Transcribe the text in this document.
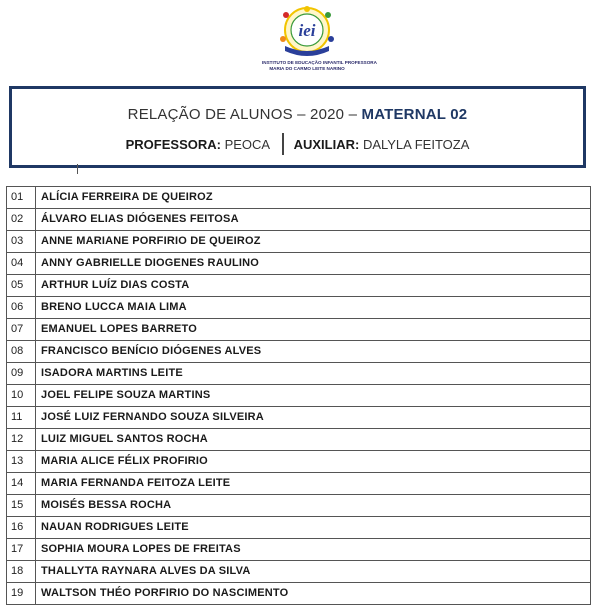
iei
INSTITUTO DE EDUCAÇÃO INFANTIL PROFESSORA
MARIA DO CARMO LEITE NARINO
RELAÇÃO DE ALUNOS – 2020 – MATERNAL 02
PROFESSORA:
PEOCA AUXILIAR:
DALYLA FEITOZA
01	ALÍCIA FERREIRA DE QUEIROZ
02	ÁLVARO ELIAS DIÓGENES FEITOSA
03	ANNE MARIANE PORFIRIO DE QUEIROZ
04	ANNY GABRIELLE DIOGENES RAULINO
05	ARTHUR LUÍZ DIAS COSTA
06	BRENO LUCCA MAIA LIMA
07	EMANUEL LOPES BARRETO
08	FRANCISCO BENÍCIO DIÓGENES ALVES
09	ISADORA MARTINS LEITE
10	JOEL FELIPE SOUZA MARTINS
11	JOSÉ LUIZ FERNANDO SOUZA SILVEIRA
12	LUIZ MIGUEL SANTOS ROCHA
13	MARIA ALICE FÉLIX PROFIRIO
14	MARIA FERNANDA FEITOZA LEITE
15	MOISÉS BESSA ROCHA
16	NAUAN RODRIGUES LEITE
17	SOPHIA MOURA LOPES DE FREITAS
18	THALLYTA RAYNARA ALVES DA SILVA
19	WALTSON THÉO PORFIRIO DO NASCIMENTO
